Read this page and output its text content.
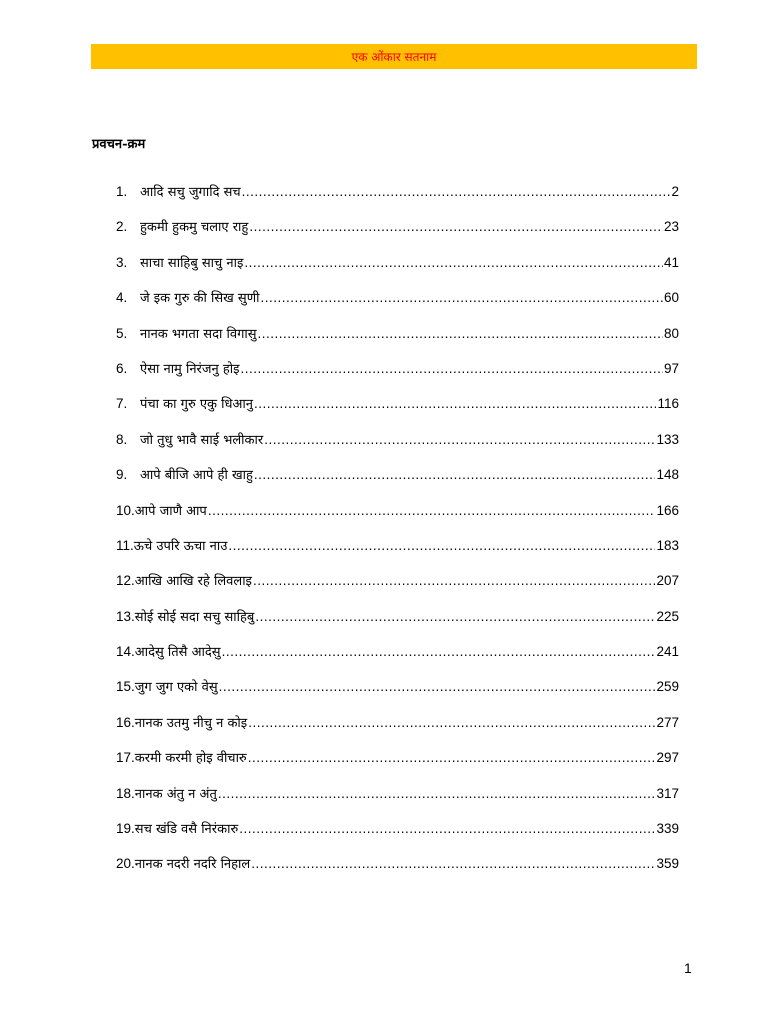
एक ओंकार सतनाम
प्रवचन-क्रम
1. आदि सचु जुगादि सच .....	2
2. हुकमी हुकमु चलाए राहु .....	23
3. साचा साहिबु साचु नाइ .....	41
4. जे इक गुरु की सिख सुणी .....	60
5. नानक भगता सदा विगासु .....	80
6. ऐसा नामु निरंजनु होइ .....	97
7. पंचा का गुरु एकु धिआनु .....	116
8. जो तुधु भावै साई भलीकार .....	133
9. आपे बीजि आपे ही खाहु .....	148
10. आपे जाणै आप .....	166
11. ऊचे उपरि ऊचा नाउ .....	183
12. आखि आखि रहे लिवलाइ .....	207
13. सोई सोई सदा सचु साहिबु .....	225
14. आदेसु तिसै आदेसु .....	241
15. जुग जुग एको वेसु .....	259
16. नानक उतमु नीचु न कोइ .....	277
17. करमी करमी होइ वीचारु .....	297
18. नानक अंतु न अंतु .....	317
19. सच खंडि वसै निरंकारु .....	339
20. नानक नदरी नदरि निहाल .....	359
1
